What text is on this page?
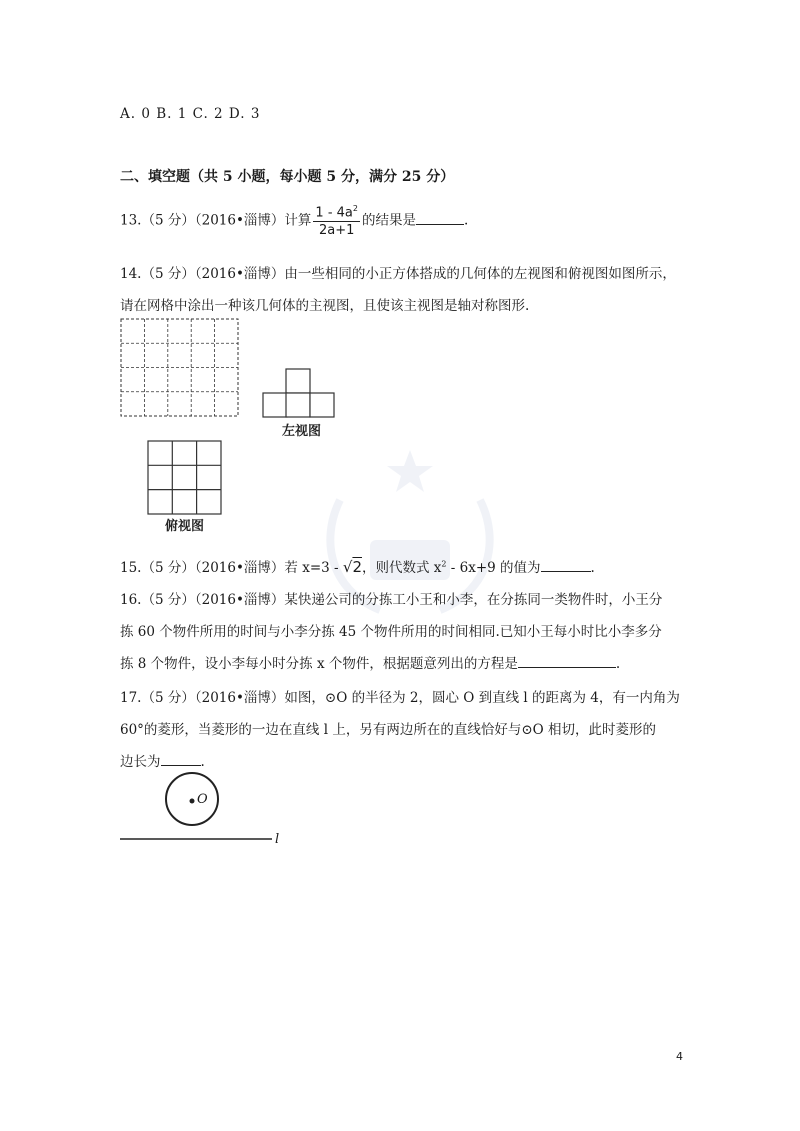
A. 0 B. 1 C. 2 D. 3
二、填空题（共 5 小题，每小题 5 分，满分 25 分）
13.（5 分）（2016•淄博）计算 $\frac{1 - 4a^2}{2a+1}$ 的结果是	.
14.（5 分）（2016•淄博）由一些相同的小正方体搭成的几何体的左视图和俯视图如图所示，
请在网格中涂出一种该几何体的主视图，且使该主视图是轴对称图形.
左视图
俯视图
15.（5 分）（2016•淄博）若 x=3 - √2，则代数式 $x^2 - 6x+9$ 的值为	.
16.（5 分）（2016•淄博）某快递公司的分拣工小王和小李，在分拣同一类物件时，小王分
拣 60 个物件所用的时间与小李分拣 45 个物件所用的时间相同.已知小王每小时比小李多分
拣 8 个物件，设小李每小时分拣 x 个物件，根据题意列出的方程是	.
17.（5 分）（2016•淄博）如图，⊙O 的半径为 2，圆心 O 到直线 l 的距离为 4，有一内角为
60°的菱形，当菱形的一边在直线 l 上，另有两边所在的直线恰好与⊙O 相切，此时菱形的
边长为	.
O
l
4
